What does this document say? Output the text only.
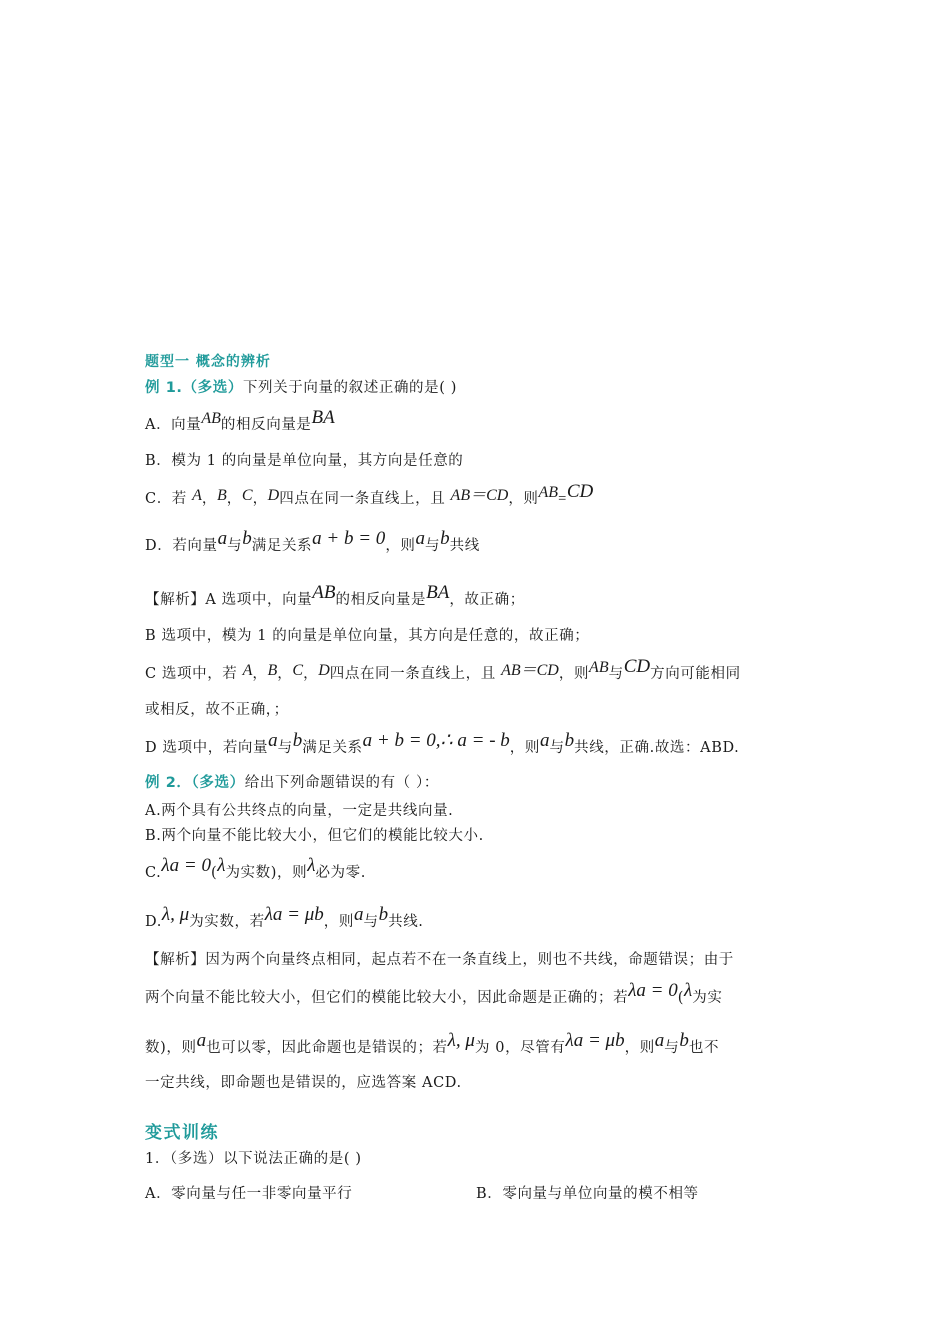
题型一 概念的辨析
例 1.（多选）下列关于向量的叙述正确的是( )
A．向量AB的相反向量是BA
B．模为 1 的向量是单位向量，其方向是任意的
C．若 A，B，C，D四点在同一条直线上，且 AB＝CD，则AB=CD
D．若向量a与b满足关系a + b = 0，则a与b共线
【解析】A 选项中，向量AB的相反向量是BA，故正确；
B 选项中，模为 1 的向量是单位向量，其方向是任意的，故正确；
C 选项中，若 A，B，C，D四点在同一条直线上，且 AB＝CD，则AB与CD方向可能相同
或相反，故不正确，；
D 选项中，若向量a与b满足关系a + b = 0,∴ a = - b，则a与b共线，正确.故选：ABD.
例 2．（多选）给出下列命题错误的有（ ）：
A.两个具有公共终点的向量，一定是共线向量.
B.两个向量不能比较大小，但它们的模能比较大小.
C.λa = 0(λ为实数)，则λ必为零.
D.λ, μ为实数，若λa = μb，则a与b共线.
【解析】因为两个向量终点相同，起点若不在一条直线上，则也不共线，命题错误；由于
两个向量不能比较大小，但它们的模能比较大小，因此命题是正确的；若λa = 0(λ为实
数)，则a也可以零，因此命题也是错误的；若λ, μ为 0，尽管有λa = μb，则a与b也不
一定共线，即命题也是错误的，应选答案 ACD.
变式训练
1．（多选）以下说法正确的是( )
A．零向量与任一非零向量平行	B．零向量与单位向量的模不相等
